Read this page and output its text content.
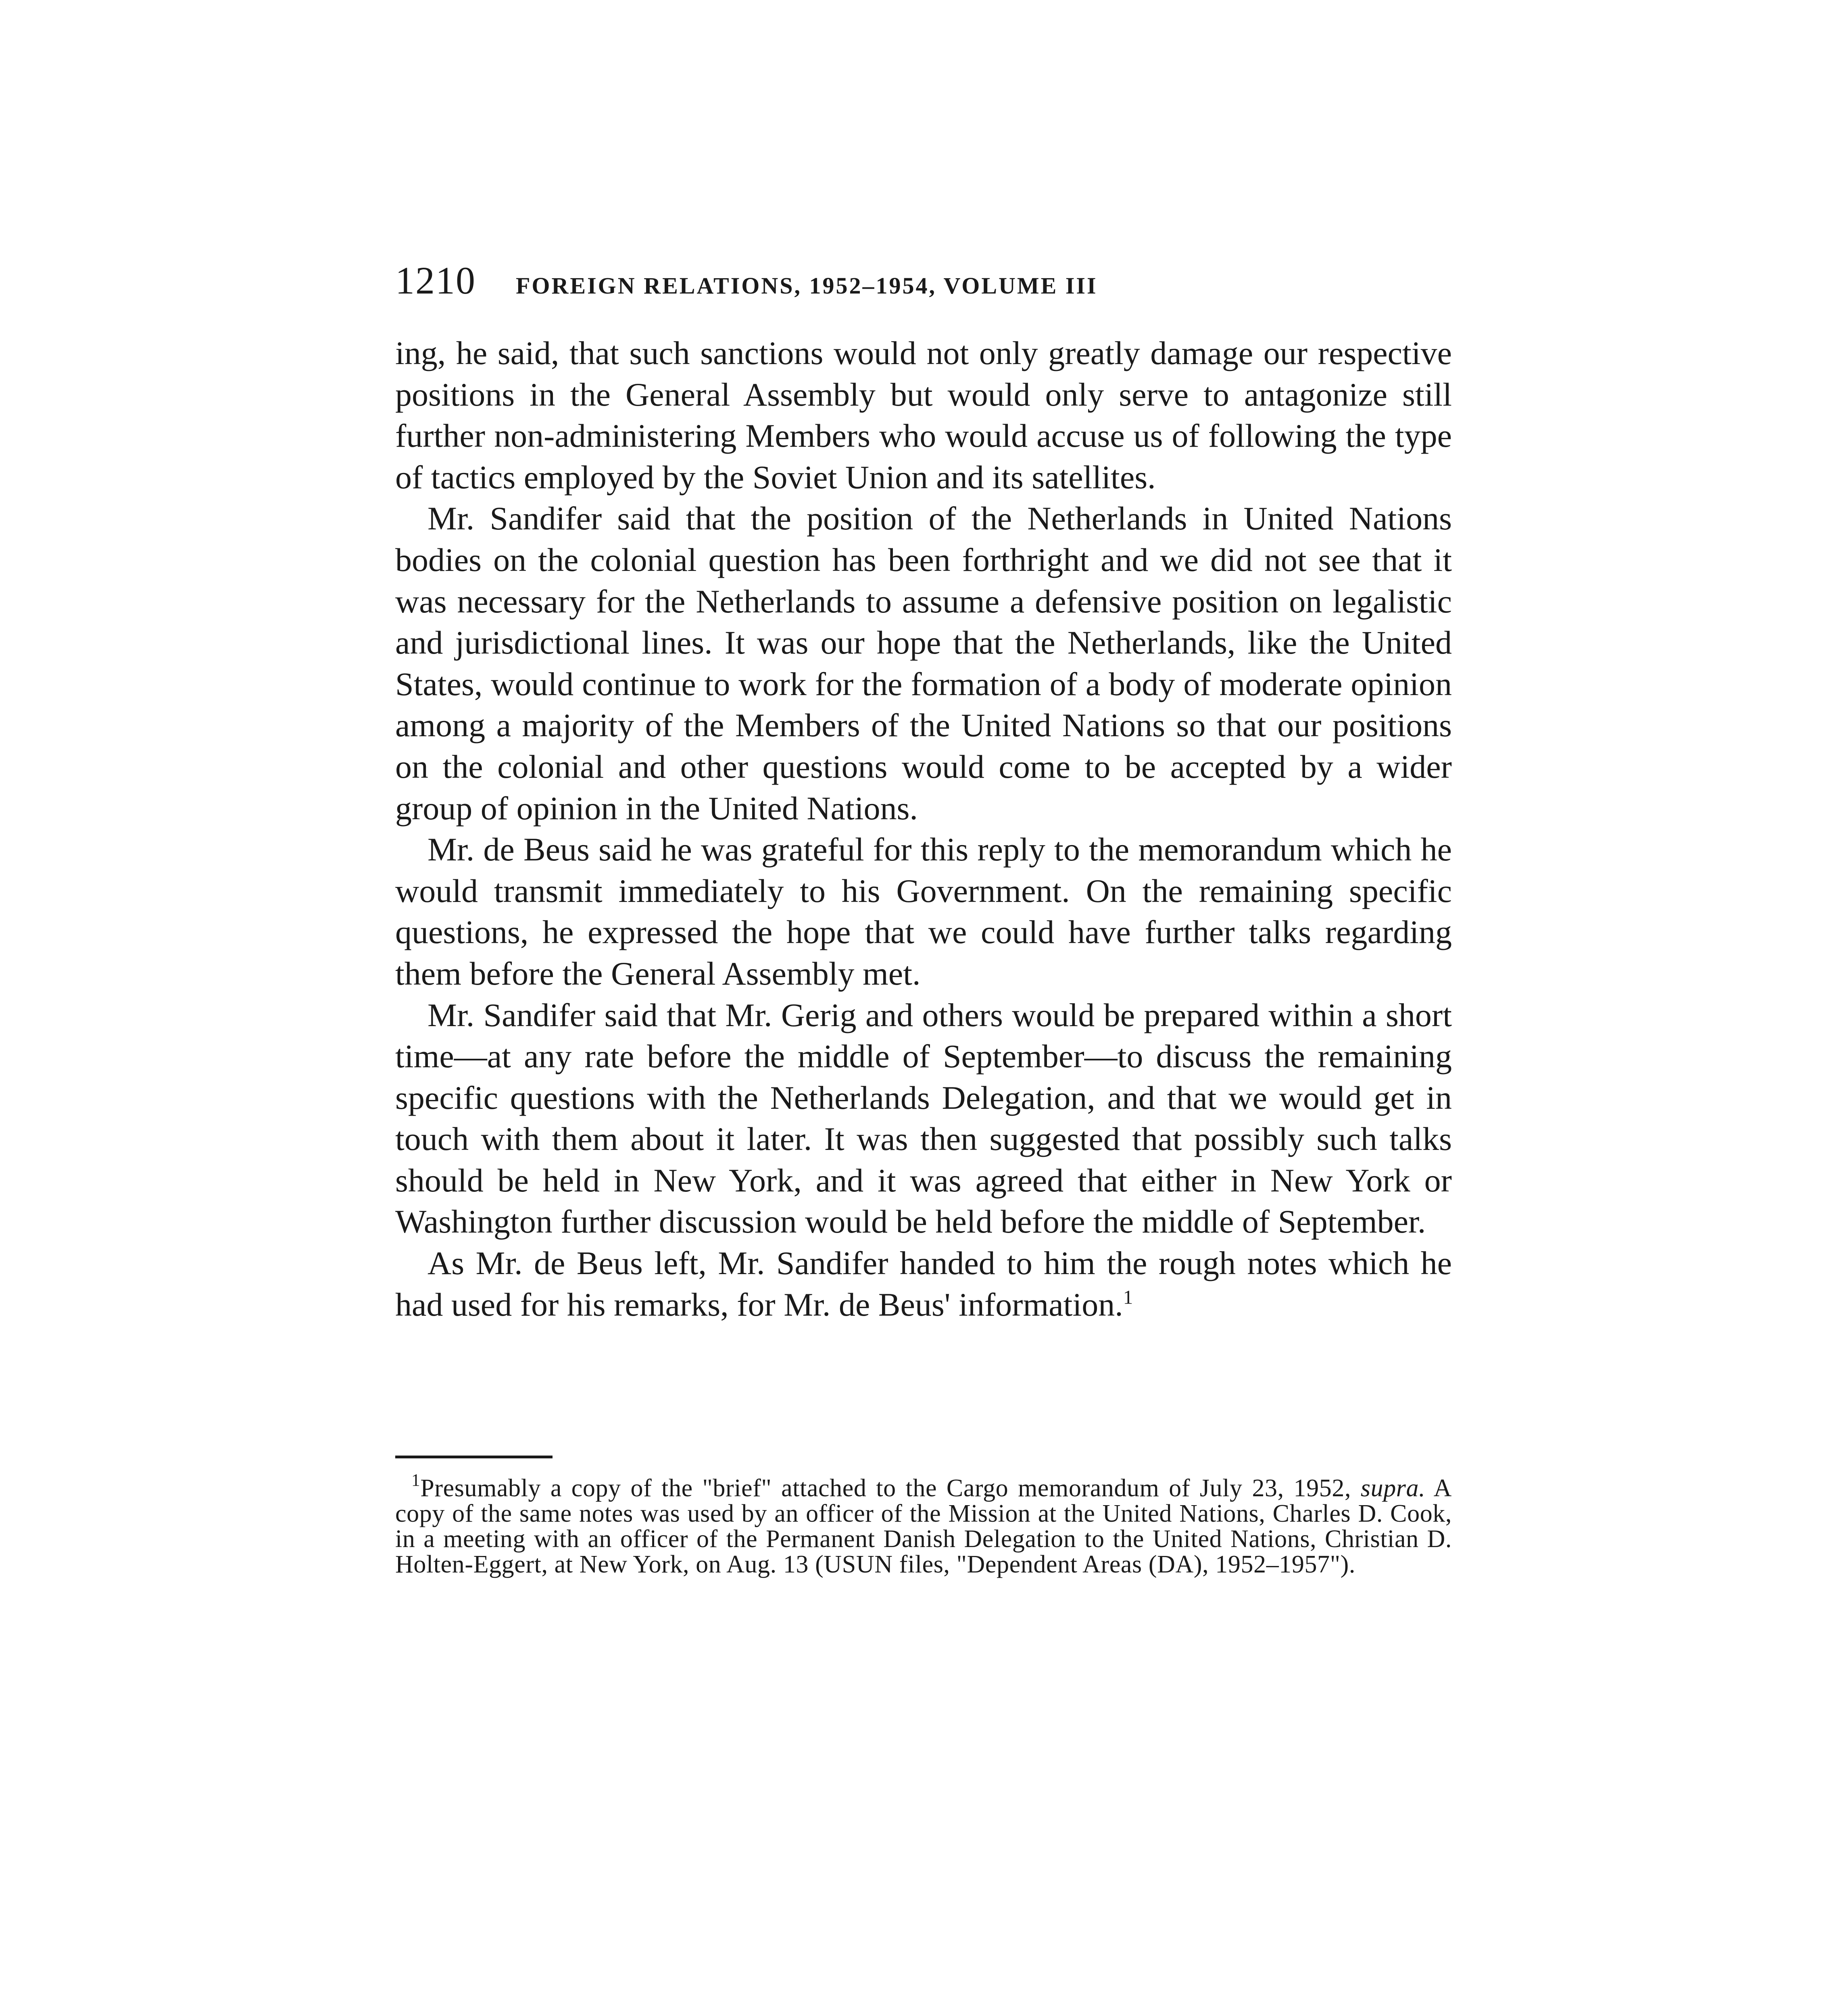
1210 FOREIGN RELATIONS, 1952–1954, VOLUME III

ing, he said, that such sanctions would not only greatly damage our respective positions in the General Assembly but would only serve to antagonize still further non-administering Members who would accuse us of following the type of tactics employed by the Soviet Union and its satellites.

Mr. Sandifer said that the position of the Netherlands in United Nations bodies on the colonial question has been forthright and we did not see that it was necessary for the Netherlands to assume a defensive position on legalistic and jurisdictional lines. It was our hope that the Netherlands, like the United States, would continue to work for the formation of a body of moderate opinion among a majority of the Members of the United Nations so that our positions on the colonial and other questions would come to be accepted by a wider group of opinion in the United Nations.

Mr. de Beus said he was grateful for this reply to the memorandum which he would transmit immediately to his Government. On the remaining specific questions, he expressed the hope that we could have further talks regarding them before the General Assembly met.

Mr. Sandifer said that Mr. Gerig and others would be prepared within a short time—at any rate before the middle of September—to discuss the remaining specific questions with the Netherlands Delegation, and that we would get in touch with them about it later. It was then suggested that possibly such talks should be held in New York, and it was agreed that either in New York or Washington further discussion would be held before the middle of September.

As Mr. de Beus left, Mr. Sandifer handed to him the rough notes which he had used for his remarks, for Mr. de Beus' information.$^1$

$^1$Presumably a copy of the "brief" attached to the Cargo memorandum of July 23, 1952, supra. A copy of the same notes was used by an officer of the Mission at the United Nations, Charles D. Cook, in a meeting with an officer of the Permanent Danish Delegation to the United Nations, Christian D. Holten-Eggert, at New York, on Aug. 13 (USUN files, "Dependent Areas (DA), 1952–1957").
